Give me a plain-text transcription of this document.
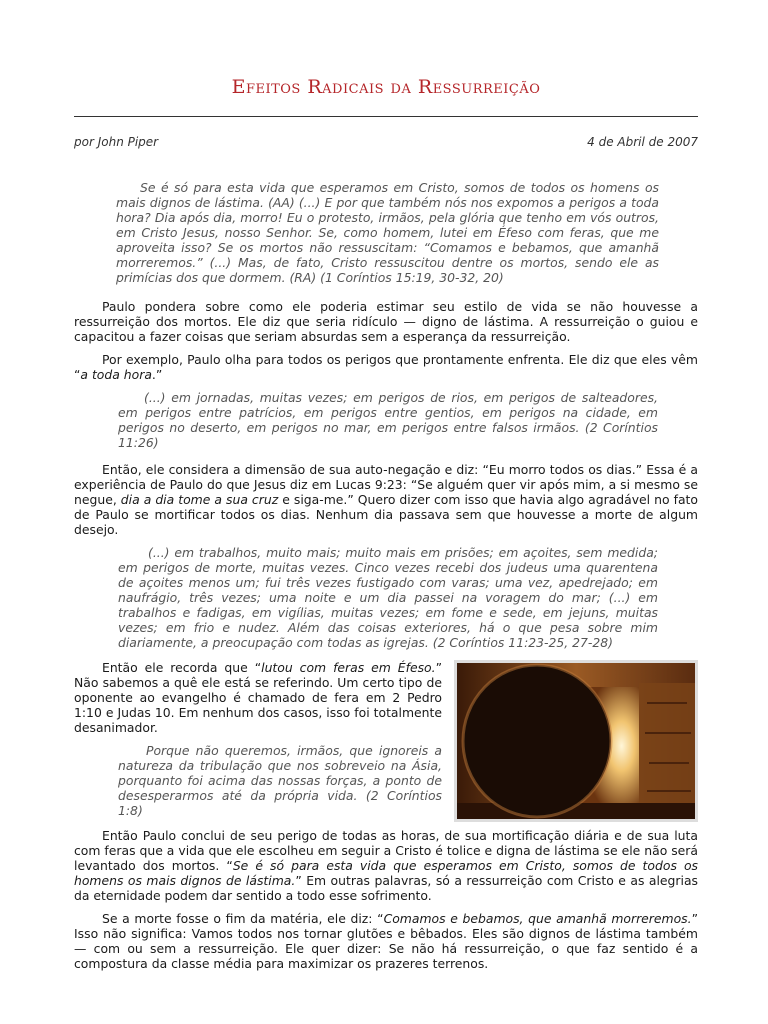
Efeitos Radicais da Ressurreição
por John Piper	4 de Abril de 2007

Se é só para esta vida que esperamos em Cristo, somos de todos os homens os mais dignos de lástima. (AA) (...) E por que também nós nos expomos a perigos a toda hora? Dia após dia, morro! Eu o protesto, irmãos, pela glória que tenho em vós outros, em Cristo Jesus, nosso Senhor. Se, como homem, lutei em Éfeso com feras, que me aproveita isso? Se os mortos não ressuscitam: “Comamos e bebamos, que amanhã morreremos.” (...) Mas, de fato, Cristo ressuscitou dentre os mortos, sendo ele as primícias dos que dormem. (RA) (1 Coríntios 15:19, 30-32, 20)

Paulo pondera sobre como ele poderia estimar seu estilo de vida se não houvesse a ressurreição dos mortos. Ele diz que seria ridículo — digno de lástima. A ressurreição o guiou e capacitou a fazer coisas que seriam absurdas sem a esperança da ressurreição.

Por exemplo, Paulo olha para todos os perigos que prontamente enfrenta. Ele diz que eles vêm “a toda hora.”

(...) em jornadas, muitas vezes; em perigos de rios, em perigos de salteadores, em perigos entre patrícios, em perigos entre gentios, em perigos na cidade, em perigos no deserto, em perigos no mar, em perigos entre falsos irmãos. (2 Coríntios 11:26)

Então, ele considera a dimensão de sua auto-negação e diz: “Eu morro todos os dias.” Essa é a experiência de Paulo do que Jesus diz em Lucas 9:23: “Se alguém quer vir após mim, a si mesmo se negue, dia a dia tome a sua cruz e siga-me.” Quero dizer com isso que havia algo agradável no fato de Paulo se mortificar todos os dias. Nenhum dia passava sem que houvesse a morte de algum desejo.

(...) em trabalhos, muito mais; muito mais em prisões; em açoites, sem medida; em perigos de morte, muitas vezes. Cinco vezes recebi dos judeus uma quarentena de açoites menos um; fui três vezes fustigado com varas; uma vez, apedrejado; em naufrágio, três vezes; uma noite e um dia passei na voragem do mar; (...) em trabalhos e fadigas, em vigílias, muitas vezes; em fome e sede, em jejuns, muitas vezes; em frio e nudez. Além das coisas exteriores, há o que pesa sobre mim diariamente, a preocupação com todas as igrejas. (2 Coríntios 11:23-25, 27-28)

Então ele recorda que “lutou com feras em Éfeso.” Não sabemos a quê ele está se referindo. Um certo tipo de oponente ao evangelho é chamado de fera em 2 Pedro 1:10 e Judas 10. Em nenhum dos casos, isso foi totalmente desanimador.

Porque não queremos, irmãos, que ignoreis a natureza da tribulação que nos sobreveio na Ásia, porquanto foi acima das nossas forças, a ponto de desesperarmos até da própria vida. (2 Coríntios 1:8)

Então Paulo conclui de seu perigo de todas as horas, de sua mortificação diária e de sua luta com feras que a vida que ele escolheu em seguir a Cristo é tolice e digna de lástima se ele não será levantado dos mortos. “Se é só para esta vida que esperamos em Cristo, somos de todos os homens os mais dignos de lástima.” Em outras palavras, só a ressurreição com Cristo e as alegrias da eternidade podem dar sentido a todo esse sofrimento.

Se a morte fosse o fim da matéria, ele diz: “Comamos e bebamos, que amanhã morreremos.” Isso não significa: Vamos todos nos tornar glutões e bêbados. Eles são dignos de lástima também — com ou sem a ressurreição. Ele quer dizer: Se não há ressurreição, o que faz sentido é a compostura da classe média para maximizar os prazeres terrenos.
